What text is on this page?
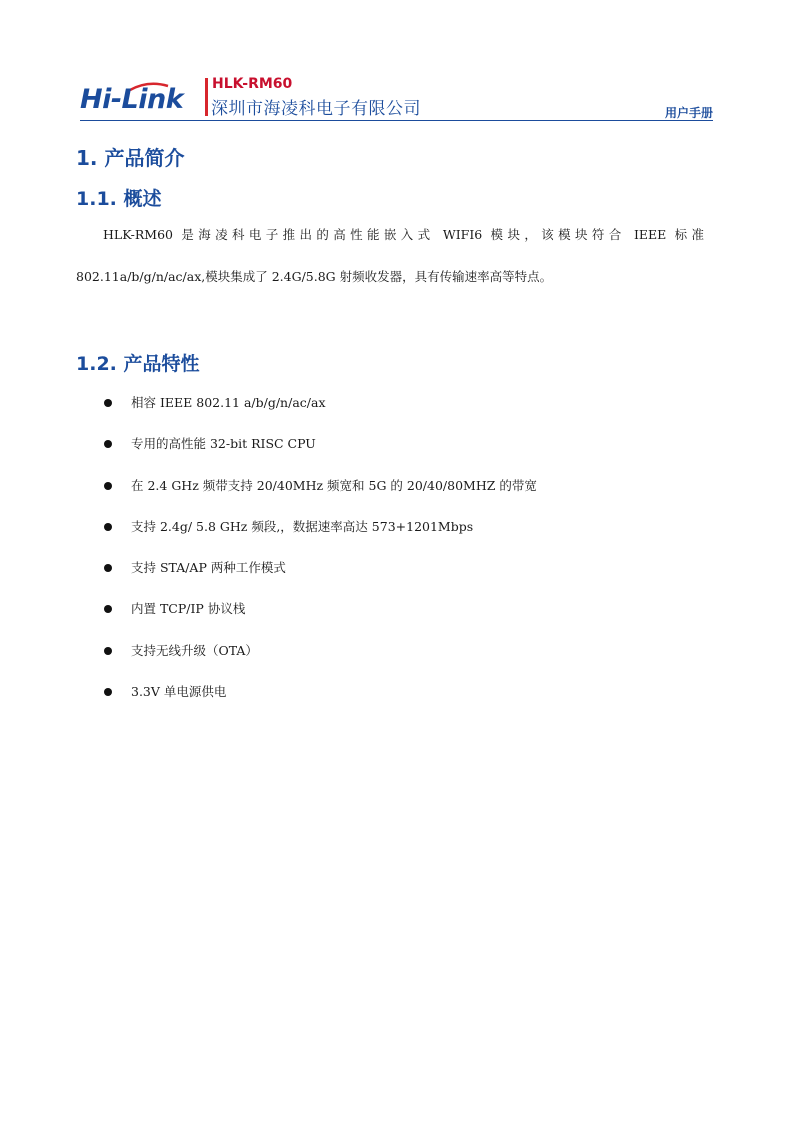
Hi-Link HLK-RM60
深圳市海凌科电子有限公司	用户手册
1. 产品简介
1.1. 概述

HLK-RM60 是海凌科电子推出的高性能嵌入式 WIFI6 模块，该模块符合 IEEE 标准
802.11a/b/g/n/ac/ax,模块集成了 2.4G/5.8G 射频收发器，具有传输速率高等特点。

1.2. 产品特性
相容 IEEE 802.11 a/b/g/n/ac/ax
专用的高性能 32-bit RISC CPU
在 2.4 GHz 频带支持 20/40MHz 频宽和 5G 的 20/40/80MHZ 的带宽
支持 2.4g/ 5.8 GHz 频段,，数据速率高达 573+1201Mbps
支持 STA/AP 两种工作模式
内置 TCP/IP 协议栈
支持无线升级（OTA）
3.3V 单电源供电
